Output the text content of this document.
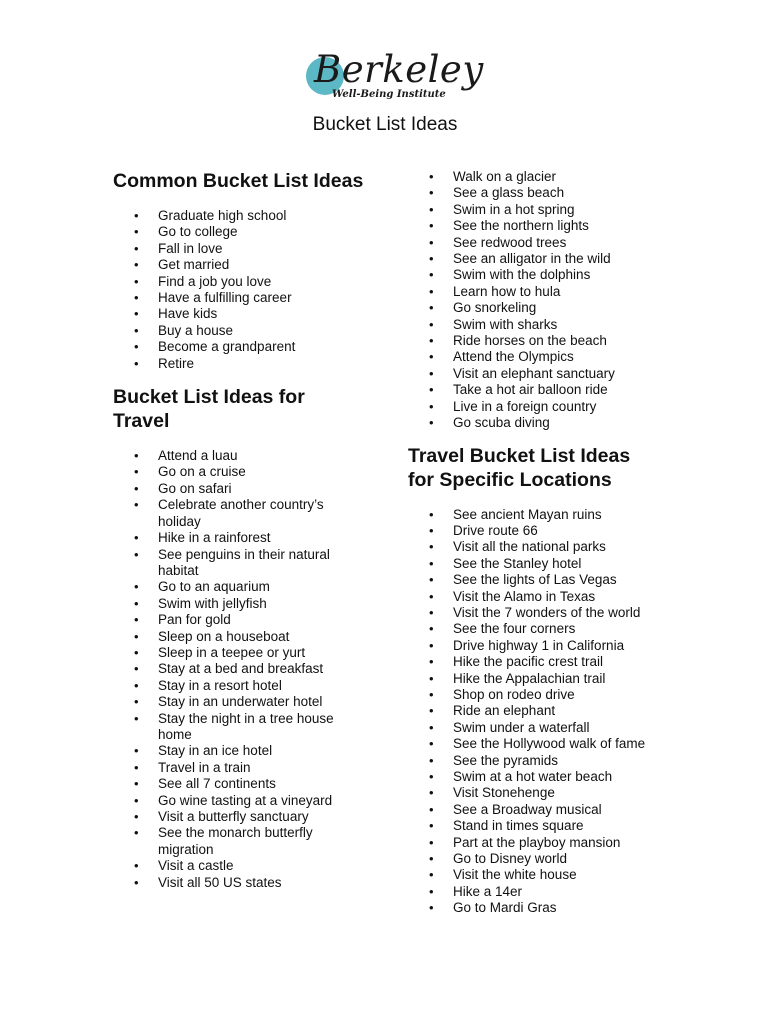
Berkeley
Well-Being Institute
Bucket List Ideas
Common Bucket List Ideas
• Graduate high school
• Go to college
• Fall in love
• Get married
• Find a job you love
• Have a fulfilling career
• Have kids
• Buy a house
• Become a grandparent
• Retire
Bucket List Ideas for Travel
• Attend a luau
• Go on a cruise
• Go on safari
• Celebrate another country’s holiday
• Hike in a rainforest
• See penguins in their natural habitat
• Go to an aquarium
• Swim with jellyfish
• Pan for gold
• Sleep on a houseboat
• Sleep in a teepee or yurt
• Stay at a bed and breakfast
• Stay in a resort hotel
• Stay in an underwater hotel
• Stay the night in a tree house home
• Stay in an ice hotel
• Travel in a train
• See all 7 continents
• Go wine tasting at a vineyard
• Visit a butterfly sanctuary
• See the monarch butterfly migration
• Visit a castle
• Visit all 50 US states
• Walk on a glacier
• See a glass beach
• Swim in a hot spring
• See the northern lights
• See redwood trees
• See an alligator in the wild
• Swim with the dolphins
• Learn how to hula
• Go snorkeling
• Swim with sharks
• Ride horses on the beach
• Attend the Olympics
• Visit an elephant sanctuary
• Take a hot air balloon ride
• Live in a foreign country
• Go scuba diving
Travel Bucket List Ideas for Specific Locations
• See ancient Mayan ruins
• Drive route 66
• Visit all the national parks
• See the Stanley hotel
• See the lights of Las Vegas
• Visit the Alamo in Texas
• Visit the 7 wonders of the world
• See the four corners
• Drive highway 1 in California
• Hike the pacific crest trail
• Hike the Appalachian trail
• Shop on rodeo drive
• Ride an elephant
• Swim under a waterfall
• See the Hollywood walk of fame
• See the pyramids
• Swim at a hot water beach
• Visit Stonehenge
• See a Broadway musical
• Stand in times square
• Part at the playboy mansion
• Go to Disney world
• Visit the white house
• Hike a 14er
• Go to Mardi Gras
